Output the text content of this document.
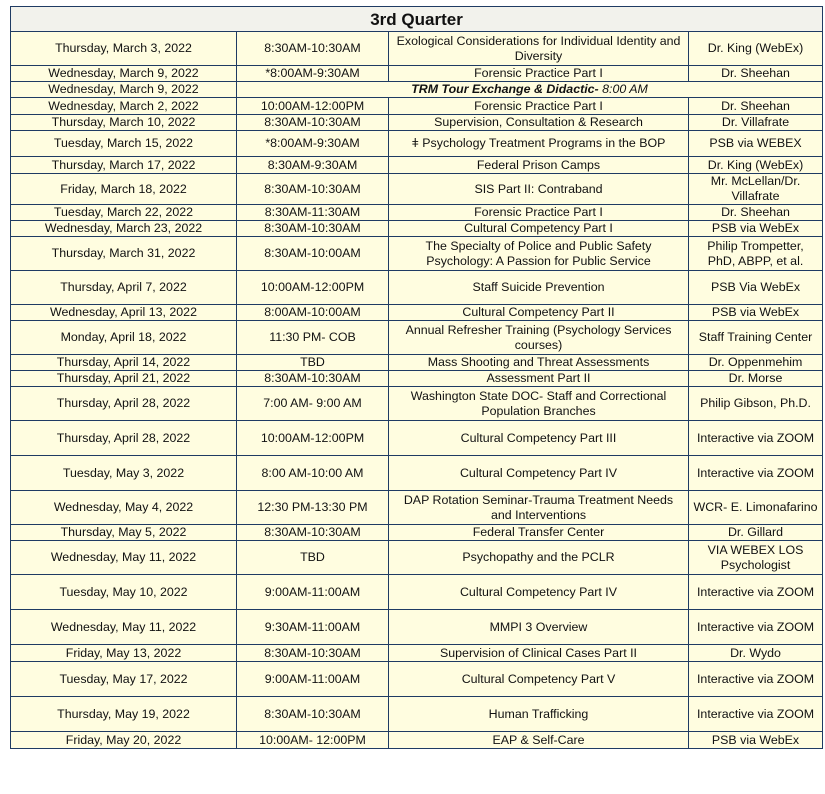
3rd Quarter			
Thursday, March 3, 2022	8:30AM-10:30AM	Exological Considerations for Individual Identity and Diversity	Dr. King (WebEx)
Wednesday, March 9, 2022	*8:00AM-9:30AM	Forensic Practice Part I	Dr. Sheehan
Wednesday, March 9, 2022	TRM Tour Exchange & Didactic- 8:00 AM		
Wednesday, March 2, 2022	10:00AM-12:00PM	Forensic Practice Part I	Dr. Sheehan
Thursday, March 10, 2022	8:30AM-10:30AM	Supervision, Consultation & Research	Dr. Villafrate
Tuesday, March 15, 2022	*8:00AM-9:30AM	ǂ Psychology Treatment Programs in the BOP	PSB via WEBEX
Thursday, March 17, 2022	8:30AM-9:30AM	Federal Prison Camps	Dr. King (WebEx)
Friday, March 18, 2022	8:30AM-10:30AM	SIS Part II: Contraband	Mr. McLellan/Dr. Villafrate
Tuesday, March 22, 2022	8:30AM-11:30AM	Forensic Practice Part I	Dr. Sheehan
Wednesday, March 23, 2022	8:30AM-10:30AM	Cultural Competency Part I	PSB via WebEx
Thursday, March 31, 2022	8:30AM-10:00AM	The Specialty of Police and Public Safety Psychology: A Passion for Public Service	Philip Trompetter, PhD, ABPP, et al.
Thursday, April 7, 2022	10:00AM-12:00PM	Staff Suicide Prevention	PSB Via WebEx
Wednesday, April 13, 2022	8:00AM-10:00AM	Cultural Competency Part II	PSB via WebEx
Monday, April 18, 2022	11:30 PM- COB	Annual Refresher Training (Psychology Services courses)	Staff Training Center
Thursday, April 14, 2022	TBD	Mass Shooting and Threat Assessments	Dr. Oppenmehim
Thursday, April 21, 2022	8:30AM-10:30AM	Assessment Part II	Dr. Morse
Thursday, April 28, 2022	7:00 AM- 9:00 AM	Washington State DOC- Staff and Correctional Population Branches	Philip Gibson, Ph.D.
Thursday, April 28, 2022	10:00AM-12:00PM	Cultural Competency Part III	Interactive via ZOOM
Tuesday, May 3, 2022	8:00 AM-10:00 AM	Cultural Competency Part IV	Interactive via ZOOM
Wednesday, May 4, 2022	12:30 PM-13:30 PM	DAP Rotation Seminar-Trauma Treatment Needs and Interventions	WCR- E. Limonafarino
Thursday, May 5, 2022	8:30AM-10:30AM	Federal Transfer Center	Dr. Gillard
Wednesday, May 11, 2022	TBD	Psychopathy and the PCLR	VIA WEBEX LOS Psychologist
Tuesday, May 10, 2022	9:00AM-11:00AM	Cultural Competency Part IV	Interactive via ZOOM
Wednesday, May 11, 2022	9:30AM-11:00AM	MMPI 3 Overview	Interactive via ZOOM
Friday, May 13, 2022	8:30AM-10:30AM	Supervision of Clinical Cases Part II	Dr. Wydo
Tuesday, May 17, 2022	9:00AM-11:00AM	Cultural Competency Part V	Interactive via ZOOM
Thursday, May 19, 2022	8:30AM-10:30AM	Human Trafficking	Interactive via ZOOM
Friday, May 20, 2022	10:00AM- 12:00PM	EAP & Self-Care	PSB via WebEx
